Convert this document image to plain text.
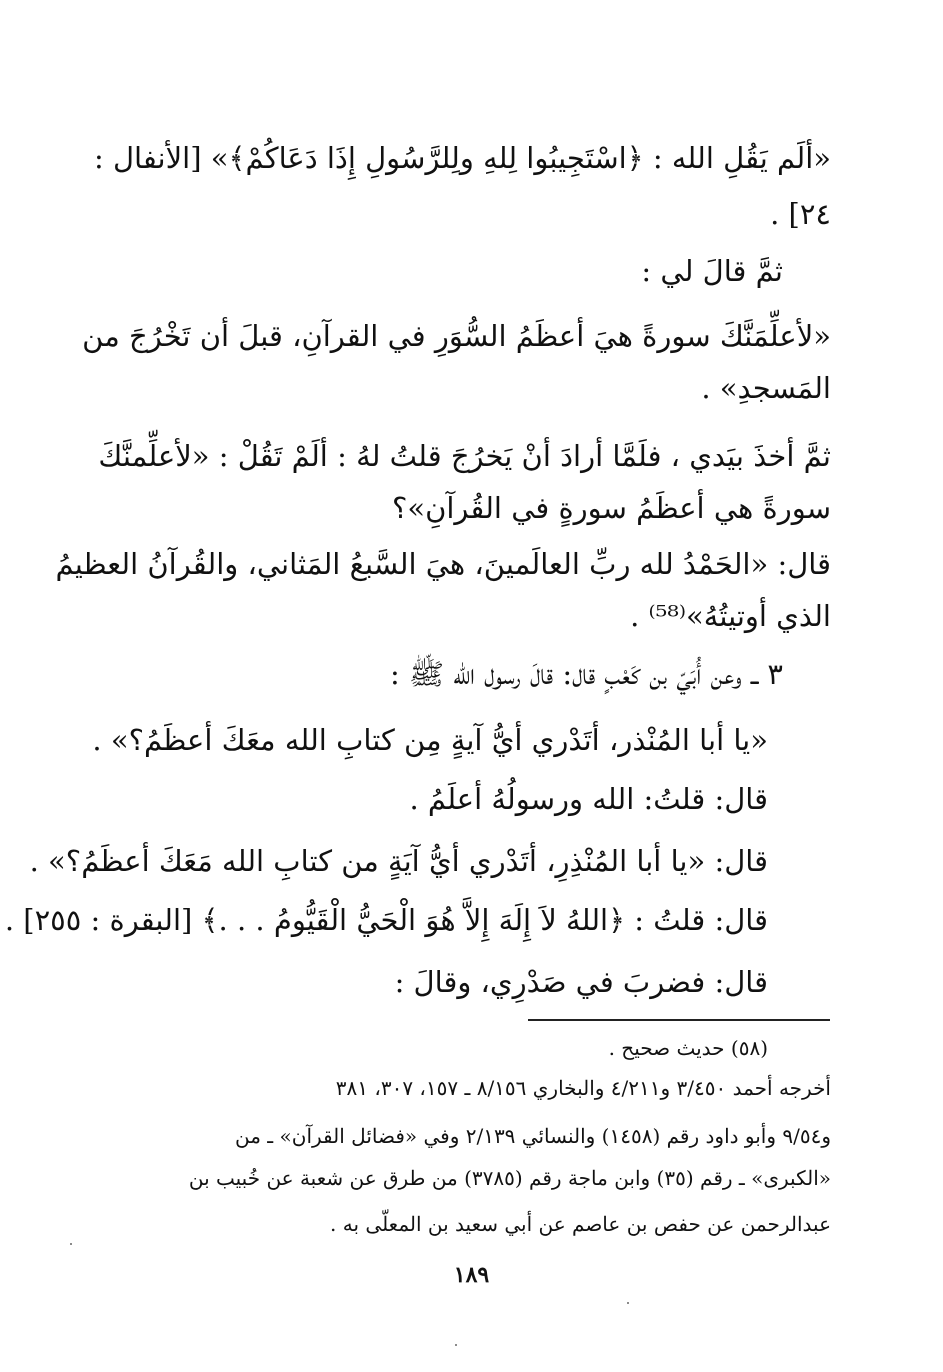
«ألَم يَقُلِ الله : ﴿اسْتَجِيبُوا لِلهِ ولِلرَّسُولِ إِذَا دَعَاكُمْ﴾» [الأنفال :
٢٤] .
ثمَّ قالَ لي :
«لأعلِّمَنَّكَ سورةً هيَ أعظَمُ السُّوَرِ في القرآنِ، قبلَ أن تَخْرُجَ من
المَسجدِ» .
ثمَّ أخذَ بيَدي ، فلَمَّا أرادَ أنْ يَخرُجَ قلتُ لهُ : ألَمْ تَقُلْ : «لأعلِّمنَّكَ
سورةً هي أعظَمُ سورةٍ في القُرآنِ»؟
قال: «الحَمْدُ لله ربِّ العالَمينَ، هيَ السَّبعُ المَثاني، والقُرآنُ العظيمُ
الذي أوتيتُهُ»⁽⁵⁸⁾ .
٣ ــ وعن أُبَيّ بن كَعْبٍ قال: قالَ رسول الله ﷺ :
«يا أبا المُنْذر، أتَدْري أيُّ آيةٍ مِن كتابِ الله معَكَ أعظَمُ؟» .
قال: قلتُ: الله ورسولُهُ أعلَمُ .
قال: «يا أبا المُنْذِرِ، أتَدْري أيُّ آيَةٍ من كتابِ الله مَعَكَ أعظَمُ؟» .
قال: قلتُ : ﴿اللهُ لاَ إِلَهَ إِلاَّ هُوَ الْحَيُّ الْقَيُّومُ . . .﴾ [البقرة : ٢٥٥] .
قال: فضربَ في صَدْرِي، وقالَ :
(٥٨) حديث صحيح .
أخرجه أحمد ٣/٤٥٠ و٤/٢١١ والبخاري ٨/١٥٦ ـ ١٥٧، ٣٠٧، ٣٨١
و٩/٥٤ وأبو داود رقم (١٤٥٨) والنسائي ٢/١٣٩ وفي «فضائل القرآن» ـ من
«الكبرى» ـ رقم (٣٥) وابن ماجة رقم (٣٧٨٥) من طرق عن شعبة عن خُبيب بن
عبدالرحمن عن حفص بن عاصم عن أبي سعيد بن المعلّى به .
١٨٩
